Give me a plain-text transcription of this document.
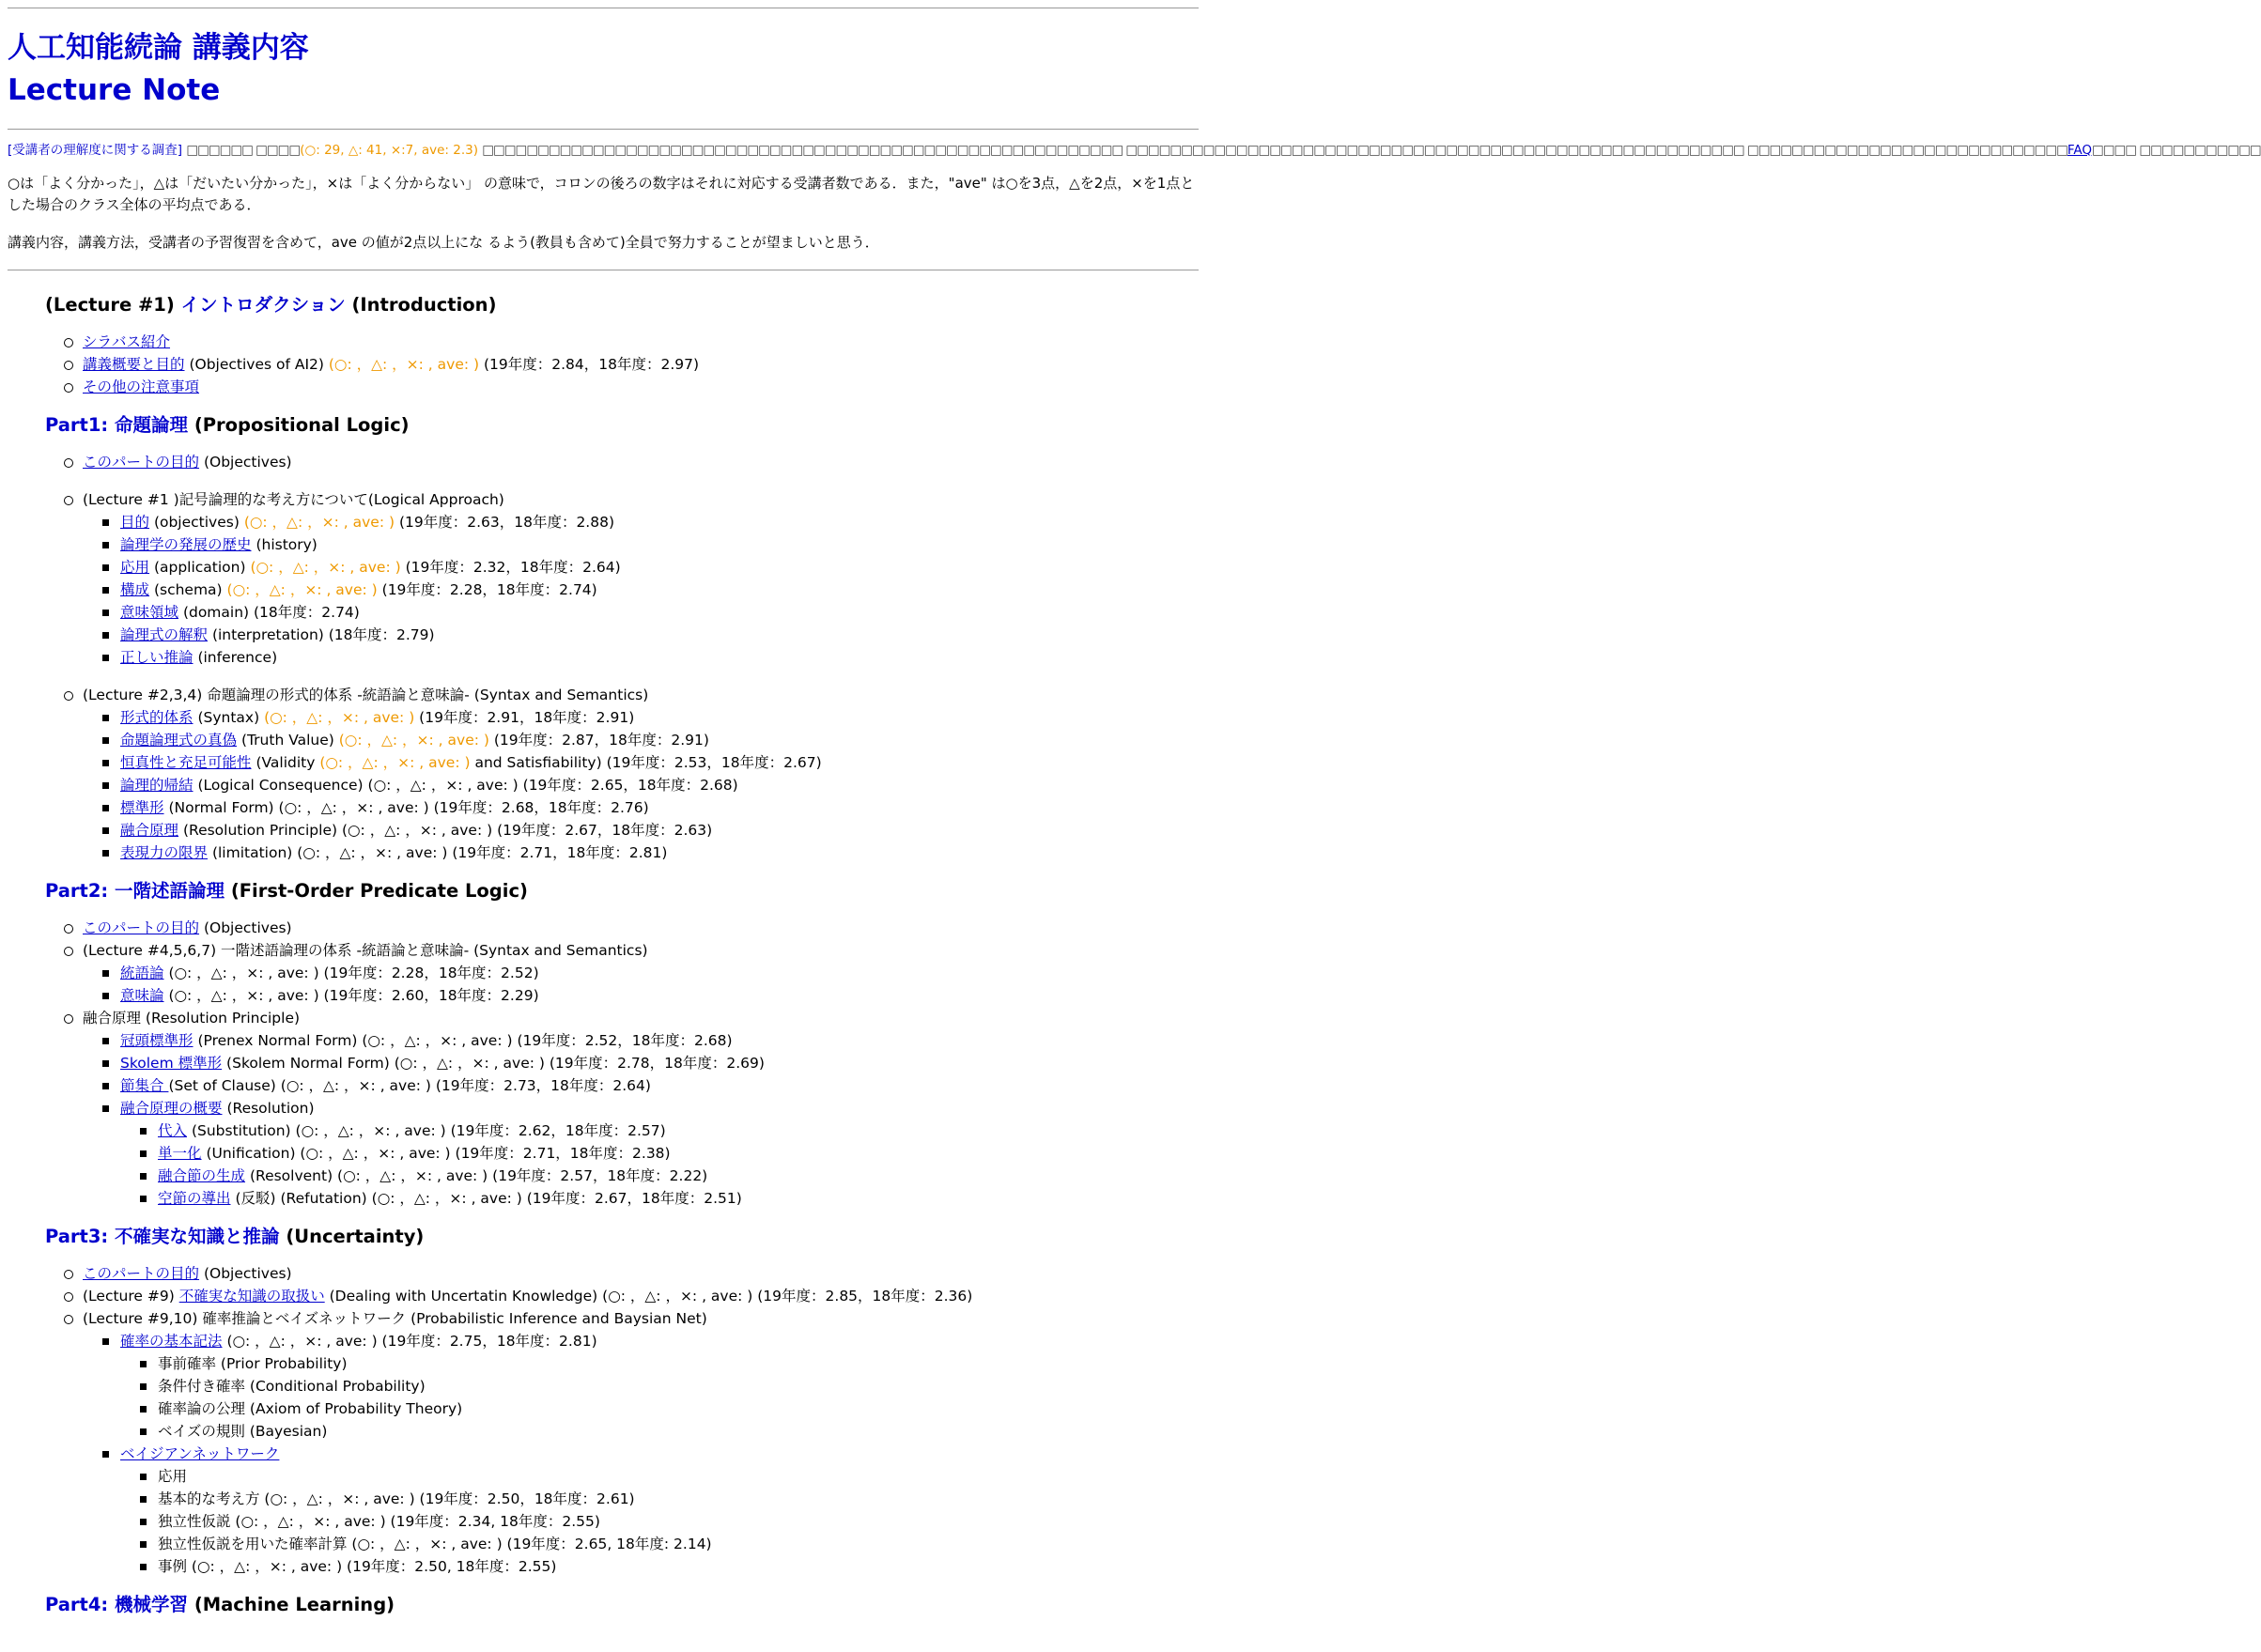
人工知能続論 講義内容
Lecture Note
[受講者の理解度に関する調査] □□□□□□ □□□□(○: 29, △: 41, ×:7, ave: 2.3) □□□□□□□□□□□□□□□□□□□□□□□□□□□□□□□□□□□□□□□□□□□□□□□□□□□□□□□□□□ □□□□□□□□□□□□□□□□□□□□□□□□□□□□□□□□□□□□□□□□□□□□□□□□□□□□□□□□ □□□□□□□□□□□□□□□□□□□□□□□□□□□□□FAQ□□□□ □□□□□□□□□□□

○は「よく分かった」，△は「だいたい分かった」，×は「よく分からない」 の意味で，コロンの後ろの数字はそれに対応する受講者数である．また，"ave" は○を3点，△を2点，×を1点とした場合のクラス全体の平均点である．

講義内容，講義方法，受講者の予習復習を含めて，ave の値が2点以上にな るよう(教員も含めて)全員で努力することが望ましいと思う．

(Lecture #1) イントロダクション (Introduction)
シラバス紹介
講義概要と目的 (Objectives of AI2) (○: ，△: ，×: , ave: ) (19年度：2.84，18年度：2.97)
その他の注意事項
Part1: 命題論理 (Propositional Logic)
このパートの目的 (Objectives)
(Lecture #1 )記号論理的な考え方について(Logical Approach)
目的 (objectives) (○: ，△: ，×: , ave: ) (19年度：2.63，18年度：2.88)
論理学の発展の歴史 (history)
応用 (application) (○: ，△: ，×: , ave: ) (19年度：2.32，18年度：2.64)
構成 (schema) (○: ，△: ，×: , ave: ) (19年度：2.28，18年度：2.74)
意味領域 (domain) (18年度：2.74)
論理式の解釈 (interpretation) (18年度：2.79)
正しい推論 (inference)
(Lecture #2,3,4) 命題論理の形式的体系 -統語論と意味論- (Syntax and Semantics)
形式的体系 (Syntax) (○: ，△: ，×: , ave: ) (19年度：2.91，18年度：2.91)
命題論理式の真偽 (Truth Value) (○: ，△: ，×: , ave: ) (19年度：2.87，18年度：2.91)
恒真性と充足可能性 (Validity (○: ，△: ，×: , ave: ) and Satisfiability) (19年度：2.53，18年度：2.67)
論理的帰結 (Logical Consequence) (○: ，△: ，×: , ave: ) (19年度：2.65，18年度：2.68)
標準形 (Normal Form) (○: ，△: ，×: , ave: ) (19年度：2.68，18年度：2.76)
融合原理 (Resolution Principle) (○: ，△: ，×: , ave: ) (19年度：2.67，18年度：2.63)
表現力の限界 (limitation) (○: ，△: ，×: , ave: ) (19年度：2.71，18年度：2.81)
Part2: 一階述語論理 (First-Order Predicate Logic)
このパートの目的 (Objectives)
(Lecture #4,5,6,7) 一階述語論理の体系 -統語論と意味論- (Syntax and Semantics)
統語論 (○: ，△: ，×: , ave: ) (19年度：2.28，18年度：2.52)
意味論 (○: ，△: ，×: , ave: ) (19年度：2.60，18年度：2.29)
融合原理 (Resolution Principle)
冠頭標準形 (Prenex Normal Form) (○: ，△: ，×: , ave: ) (19年度：2.52，18年度：2.68)
Skolem 標準形 (Skolem Normal Form) (○: ，△: ，×: , ave: ) (19年度：2.78，18年度：2.69)
節集合 (Set of Clause) (○: ，△: ，×: , ave: ) (19年度：2.73，18年度：2.64)
融合原理の概要 (Resolution)
代入 (Substitution) (○: ，△: ，×: , ave: ) (19年度：2.62，18年度：2.57)
単一化 (Unification) (○: ，△: ，×: , ave: ) (19年度：2.71，18年度：2.38)
融合節の生成 (Resolvent) (○: ，△: ，×: , ave: ) (19年度：2.57，18年度：2.22)
空節の導出 (反駁) (Refutation) (○: ，△: ，×: , ave: ) (19年度：2.67，18年度：2.51)
Part3: 不確実な知識と推論 (Uncertainty)
このパートの目的 (Objectives)
(Lecture #9) 不確実な知識の取扱い (Dealing with Uncertatin Knowledge) (○: ，△: ，×: , ave: ) (19年度：2.85，18年度：2.36)
(Lecture #9,10) 確率推論とベイズネットワーク (Probabilistic Inference and Baysian Net)
確率の基本記法 (○: ，△: ，×: , ave: ) (19年度：2.75，18年度：2.81)
事前確率 (Prior Probability)
条件付き確率 (Conditional Probability)
確率論の公理 (Axiom of Probability Theory)
ベイズの規則 (Bayesian)
ベイジアンネットワーク
応用
基本的な考え方 (○: ，△: ，×: , ave: ) (19年度：2.50，18年度：2.61)
独立性仮説 (○: ，△: ，×: , ave: ) (19年度：2.34, 18年度：2.55)
独立性仮説を用いた確率計算 (○: ，△: ，×: , ave: ) (19年度：2.65, 18年度: 2.14)
事例 (○: ，△: ，×: , ave: ) (19年度：2.50, 18年度：2.55)
Part4: 機械学習 (Machine Learning)
